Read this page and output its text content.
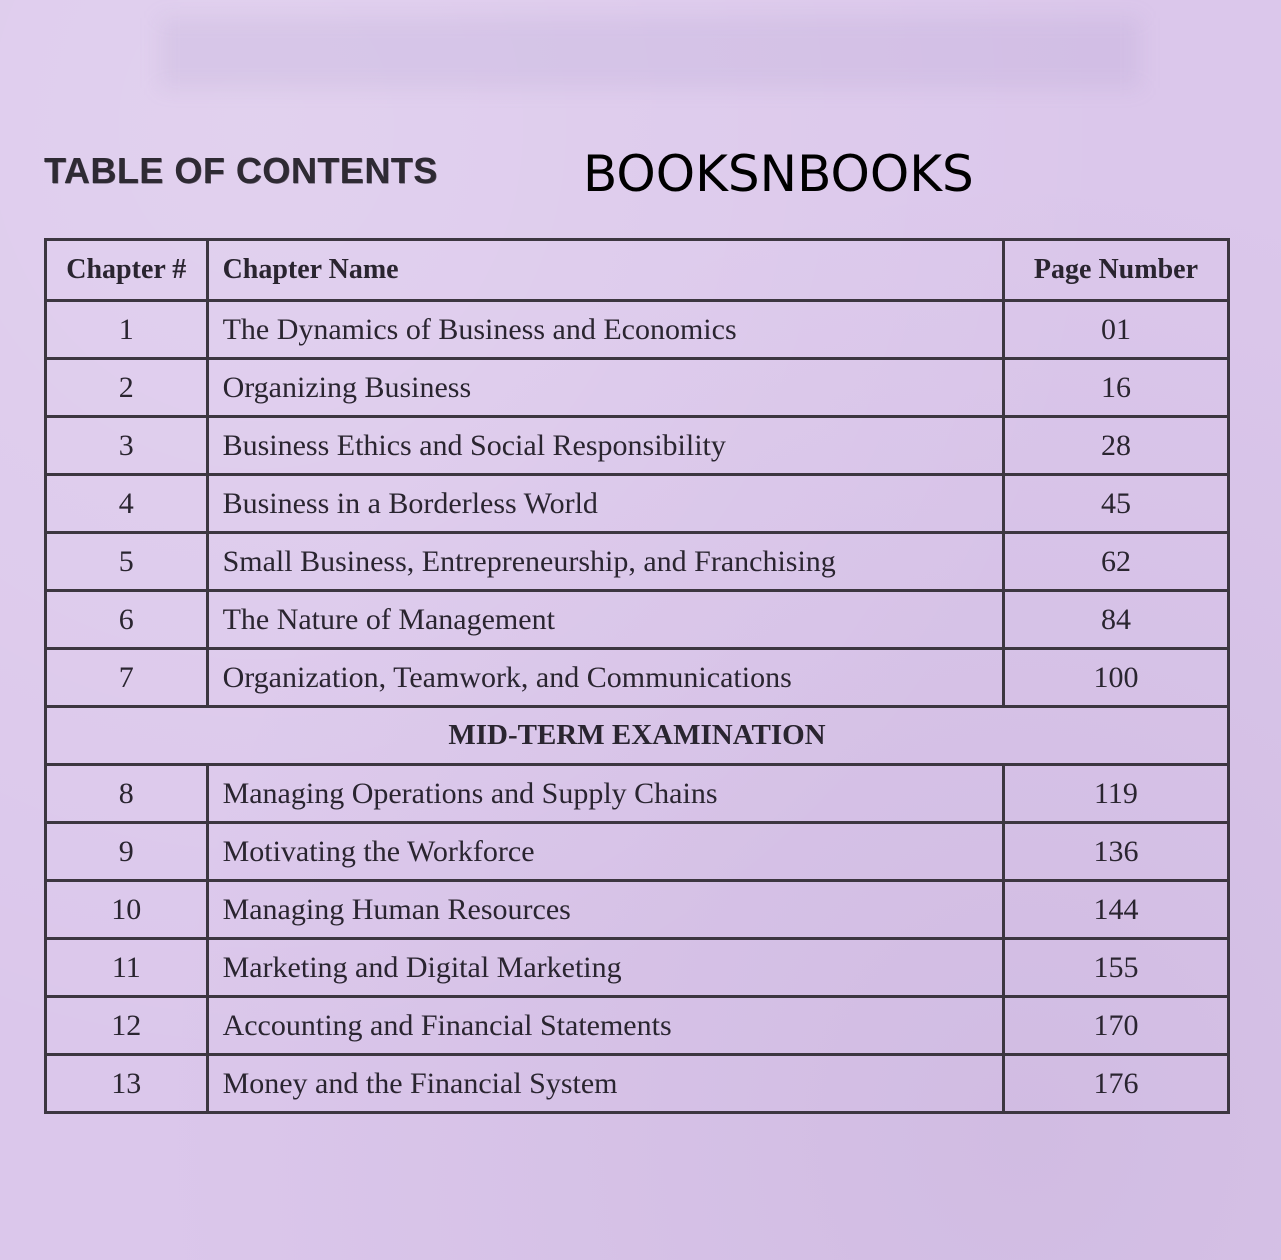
TABLE OF CONTENTS	BOOKSNBOOKS
Chapter #	Chapter Name	Page Number
1	The Dynamics of Business and Economics	01
2	Organizing Business	16
3	Business Ethics and Social Responsibility	28
4	Business in a Borderless World	45
5	Small Business, Entrepreneurship, and Franchising	62
6	The Nature of Management	84
7	Organization, Teamwork, and Communications	100
MID-TERM EXAMINATION		
8	Managing Operations and Supply Chains	119
9	Motivating the Workforce	136
10	Managing Human Resources	144
11	Marketing and Digital Marketing	155
12	Accounting and Financial Statements	170
13	Money and the Financial System	176
